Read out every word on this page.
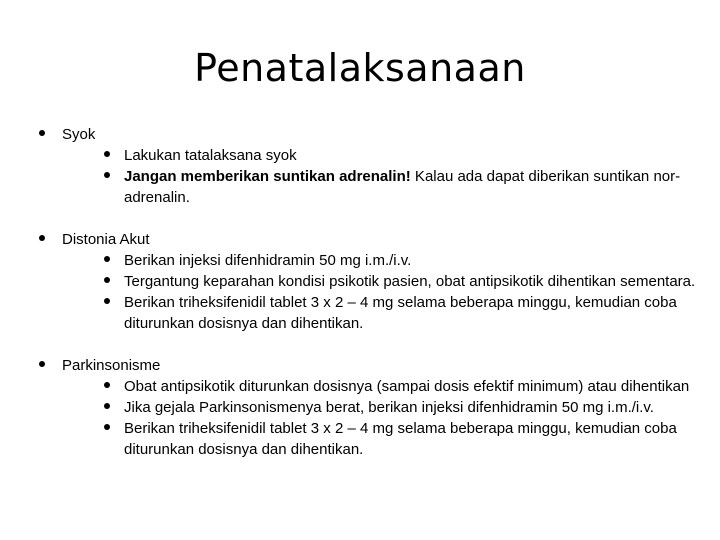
Penatalaksanaan
Syok
Lakukan tatalaksana syok
Jangan memberikan suntikan adrenalin! Kalau ada dapat diberikan suntikan nor-adrenalin.
Distonia Akut
Berikan injeksi difenhidramin 50 mg i.m./i.v.
Tergantung keparahan kondisi psikotik pasien, obat antipsikotik dihentikan sementara.
Berikan triheksifenidil tablet 3 x 2 – 4 mg selama beberapa minggu, kemudian coba diturunkan dosisnya dan dihentikan.
Parkinsonisme
Obat antipsikotik diturunkan dosisnya (sampai dosis efektif minimum) atau dihentikan
Jika gejala Parkinsonismenya berat, berikan injeksi difenhidramin 50 mg i.m./i.v.
Berikan triheksifenidil tablet 3 x 2 – 4 mg selama beberapa minggu, kemudian coba diturunkan dosisnya dan dihentikan.
